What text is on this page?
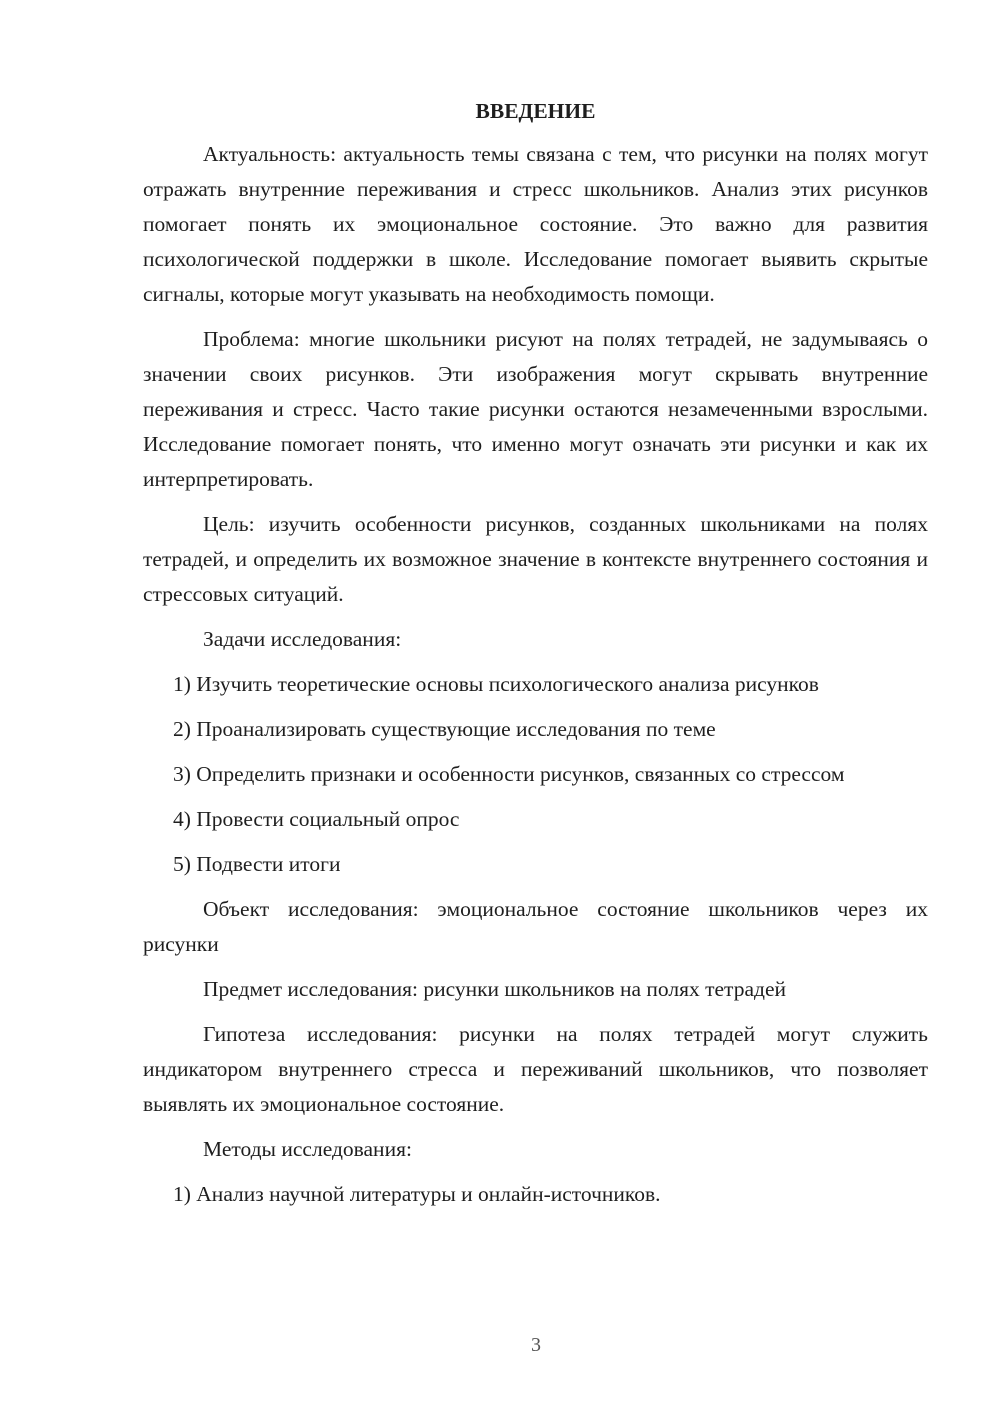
ВВЕДЕНИЕ

Актуальность: актуальность темы связана с тем, что рисунки на полях могут отражать внутренние переживания и стресс школьников. Анализ этих рисунков помогает понять их эмоциональное состояние. Это важно для развития психологической поддержки в школе. Исследование помогает выявить скрытые сигналы, которые могут указывать на необходимость помощи.

Проблема: многие школьники рисуют на полях тетрадей, не задумываясь о значении своих рисунков. Эти изображения могут скрывать внутренние переживания и стресс. Часто такие рисунки остаются незамеченными взрослыми. Исследование помогает понять, что именно могут означать эти рисунки и как их интерпретировать.

Цель: изучить особенности рисунков, созданных школьниками на полях тетрадей, и определить их возможное значение в контексте внутреннего состояния и стрессовых ситуаций.

Задачи исследования:

1) Изучить теоретические основы психологического анализа рисунков

2) Проанализировать существующие исследования по теме

3) Определить признаки и особенности рисунков, связанных со стрессом

4) Провести социальный опрос

5) Подвести итоги

Объект исследования: эмоциональное состояние школьников через их рисунки

Предмет исследования: рисунки школьников на полях тетрадей

Гипотеза исследования: рисунки на полях тетрадей могут служить индикатором внутреннего стресса и переживаний школьников, что позволяет выявлять их эмоциональное состояние.

Методы исследования:

1) Анализ научной литературы и онлайн-источников.

3
